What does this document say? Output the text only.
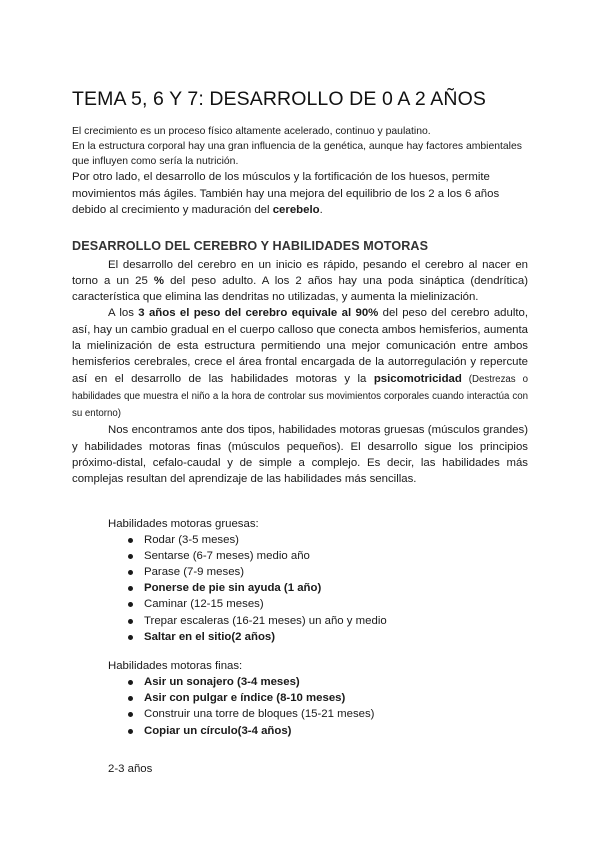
TEMA 5, 6 Y 7: DESARROLLO DE 0 A 2 AÑOS

El crecimiento es un proceso físico altamente acelerado, continuo y paulatino.

En la estructura corporal hay una gran influencia de la genética, aunque hay factores ambientales que influyen como sería la nutrición.

Por otro lado, el desarrollo de los músculos y la fortificación de los huesos, permite movimientos más ágiles. También hay una mejora del equilibrio de los 2 a los 6 años debido al crecimiento y maduración del cerebelo.

DESARROLLO DEL CEREBRO Y HABILIDADES MOTORAS

El desarrollo del cerebro en un inicio es rápido, pesando el cerebro al nacer en torno a un 25 % del peso adulto. A los 2 años hay una poda sináptica (dendrítica) característica que elimina las dendritas no utilizadas, y aumenta la mielinización.

A los 3 años el peso del cerebro equivale al 90% del peso del cerebro adulto, así, hay un cambio gradual en el cuerpo calloso que conecta ambos hemisferios, aumenta la mielinización de esta estructura permitiendo una mejor comunicación entre ambos hemisferios cerebrales, crece el área frontal encargada de la autorregulación y repercute así en el desarrollo de las habilidades motoras y la psicomotricidad (Destrezas o habilidades que muestra el niño a la hora de controlar sus movimientos corporales cuando interactúa con su entorno)

Nos encontramos ante dos tipos, habilidades motoras gruesas (músculos grandes) y habilidades motoras finas (músculos pequeños). El desarrollo sigue los principios próximo-distal, cefalo-caudal y de simple a complejo. Es decir, las habilidades más complejas resultan del aprendizaje de las habilidades más sencillas.

Habilidades motoras gruesas:
Rodar (3-5 meses)
Sentarse (6-7 meses) medio año
Parase (7-9 meses)
Ponerse de pie sin ayuda (1 año)
Caminar (12-15 meses)
Trepar escaleras (16-21 meses) un año y medio
Saltar en el sitio(2 años)
Habilidades motoras finas:
Asir un sonajero (3-4 meses)
Asir con pulgar e índice (8-10 meses)
Construir una torre de bloques (15-21 meses)
Copiar un círculo(3-4 años)
2-3 años
